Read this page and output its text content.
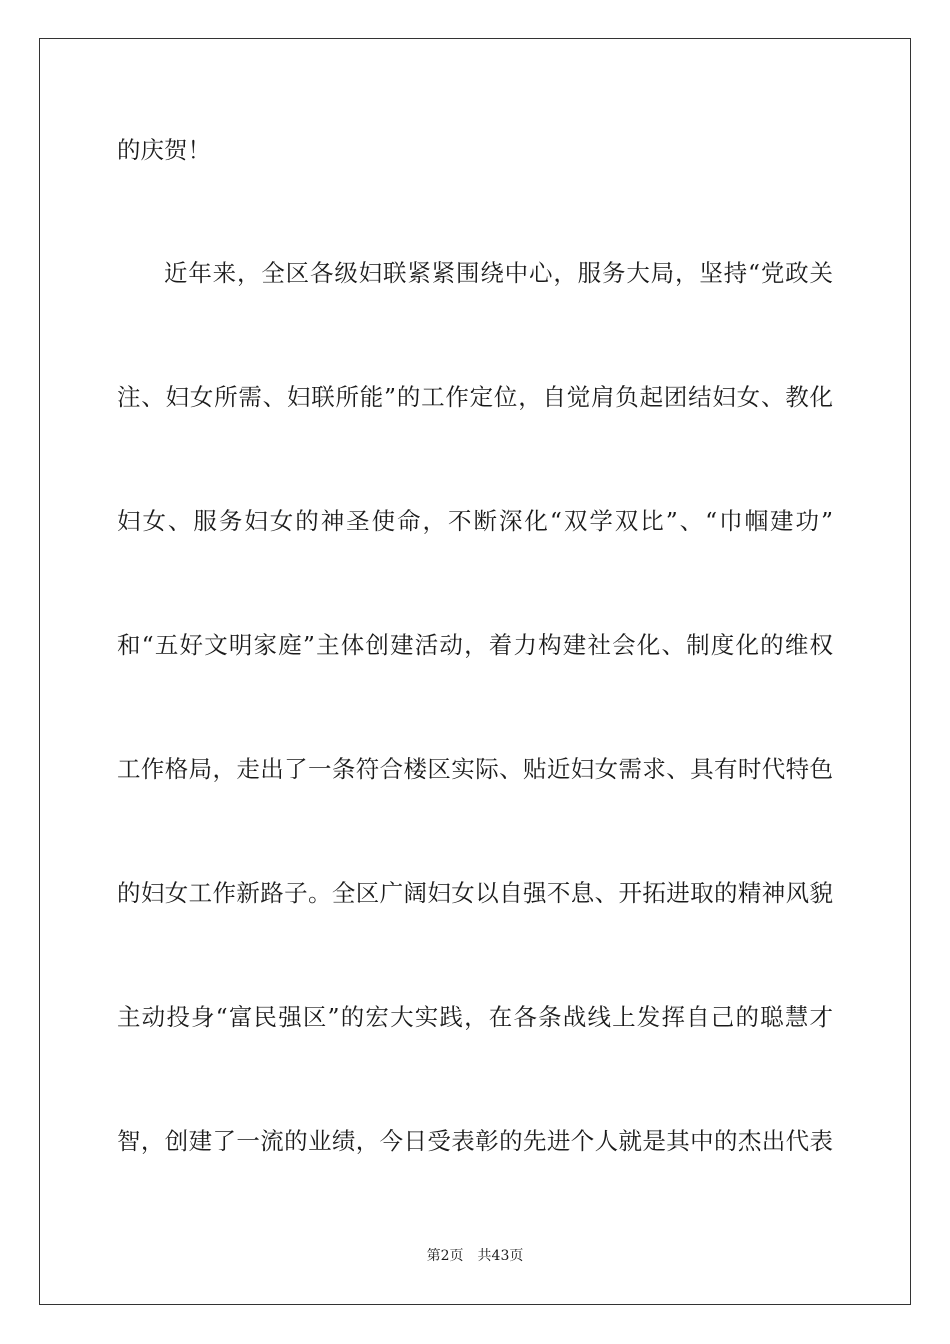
的庆贺！

近年来，全区各级妇联紧紧围绕中心，服务大局，坚持“党政关

注、妇女所需、妇联所能”的工作定位，自觉肩负起团结妇女、教化

妇女、服务妇女的神圣使命，不断深化“双学双比”、“巾帼建功”

和“五好文明家庭”主体创建活动，着力构建社会化、制度化的维权

工作格局，走出了一条符合楼区实际、贴近妇女需求、具有时代特色

的妇女工作新路子。全区广阔妇女以自强不息、开拓进取的精神风貌

主动投身“富民强区”的宏大实践，在各条战线上发挥自己的聪慧才

智，创建了一流的业绩，今日受表彰的先进个人就是其中的杰出代表

第2页 共43页
